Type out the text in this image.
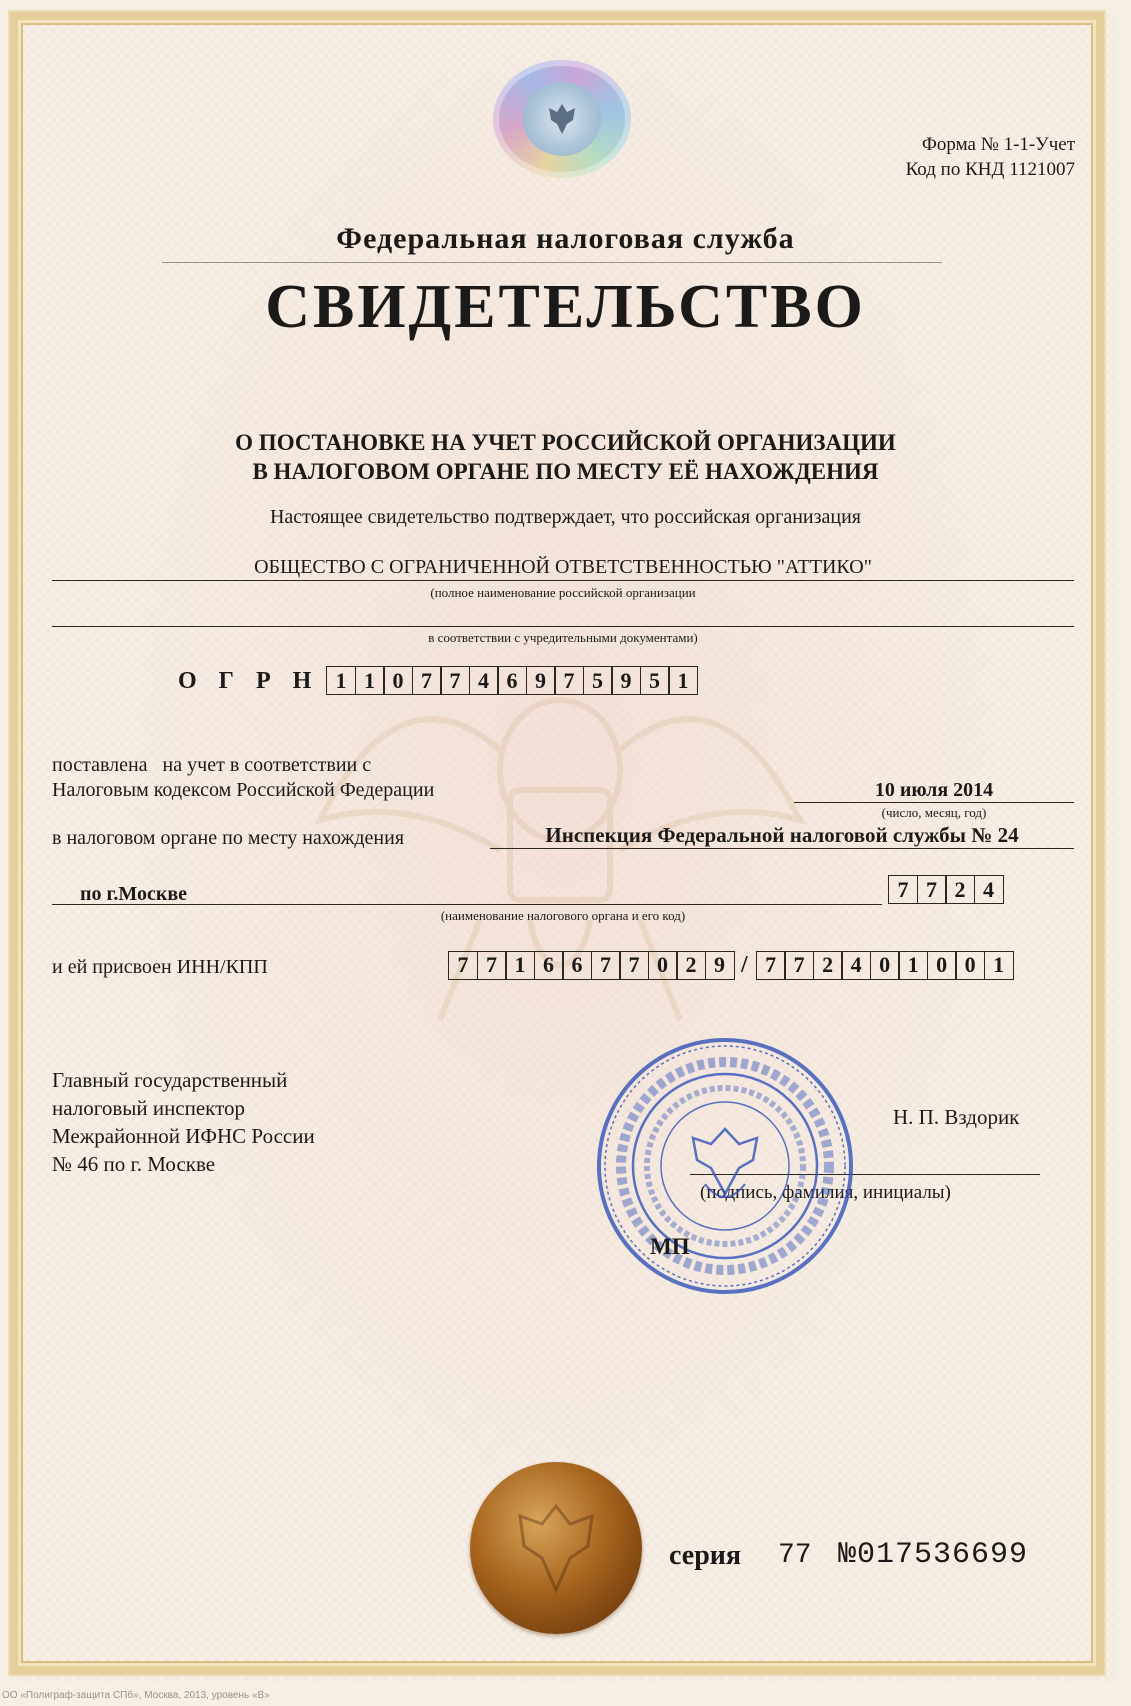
Форма № 1-1-Учет
Код по КНД 1121007
Федеральная налоговая служба
СВИДЕТЕЛЬСТВО
О ПОСТАНОВКЕ НА УЧЕТ РОССИЙСКОЙ ОРГАНИЗАЦИИ
В НАЛОГОВОМ ОРГАНЕ ПО МЕСТУ ЕЁ НАХОЖДЕНИЯ
Настоящее свидетельство подтверждает, что российская организация
ОБЩЕСТВО С ОГРАНИЧЕННОЙ ОТВЕТСТВЕННОСТЬЮ "АТТИКО"
(полное наименование российской организации
в соответствии с учредительными документами)
ОГРН 1 1 0 7 7 4 6 9 7 5 9 5 1
поставлена   на учет в соответствии с
Налоговым кодексом Российской Федерации	10 июля 2014
(число, месяц, год)
в налоговом органе по месту нахождения	Инспекция Федеральной налоговой службы № 24
по г.Москве	7 7 2 4
(наименование налогового органа и его код)
и ей присвоен ИНН/КПП	7 7 1 6 6 7 7 0 2 9 / 7 7 2 4 0 1 0 0 1
Главный государственный
налоговый инспектор
Межрайонной ИФНС России
№ 46 по г. Москве
Н. П. Вздорик
(подпись, фамилия, инициалы)
МП
серия 77 №017536699
ОО «Полиграф-защита СПб», Москва, 2013, уровень «В»
